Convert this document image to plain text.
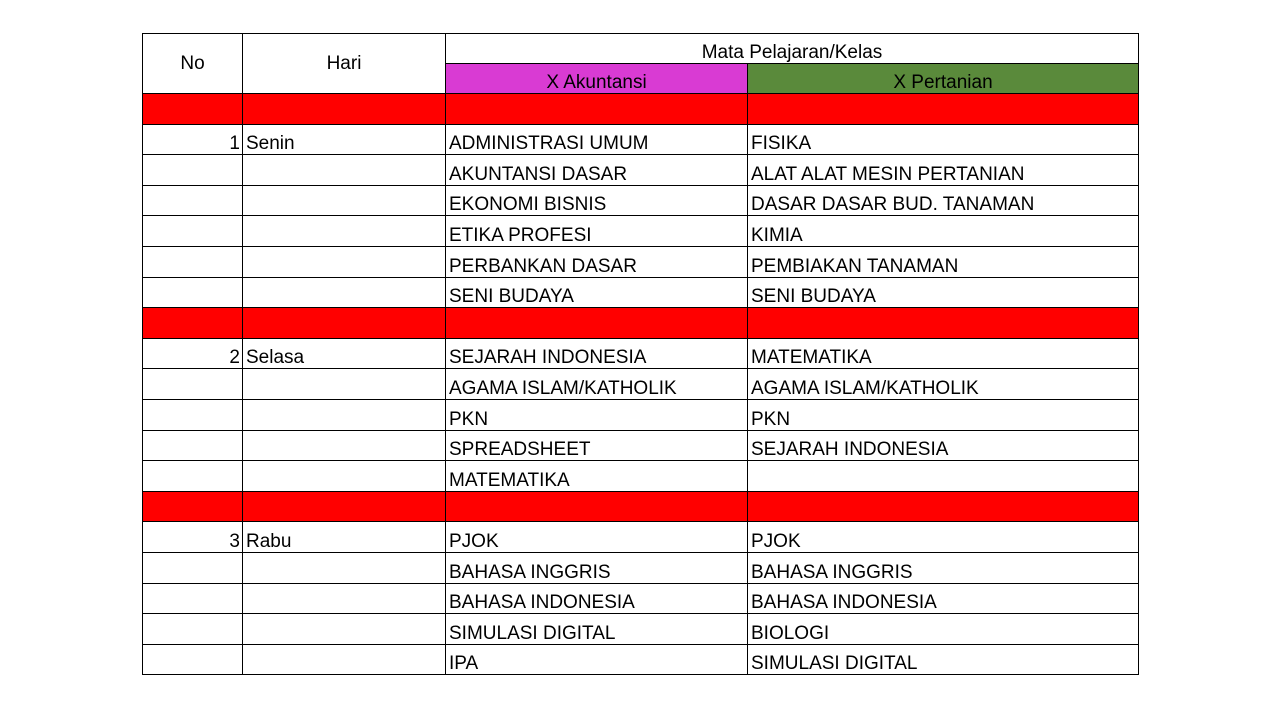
No	Hari	Mata Pelajaran/Kelas	
		X Akuntansi	X Pertanian

1	Senin	ADMINISTRASI UMUM	FISIKA
		AKUNTANSI DASAR	ALAT ALAT MESIN PERTANIAN
		EKONOMI BISNIS	DASAR DASAR BUD. TANAMAN
		ETIKA PROFESI	KIMIA
		PERBANKAN DASAR	PEMBIAKAN TANAMAN
		SENI BUDAYA	SENI BUDAYA

2	Selasa	SEJARAH INDONESIA	MATEMATIKA
		AGAMA ISLAM/KATHOLIK	AGAMA ISLAM/KATHOLIK
		PKN	PKN
		SPREADSHEET	SEJARAH INDONESIA
		MATEMATIKA	

3	Rabu	PJOK	PJOK
		BAHASA INGGRIS	BAHASA INGGRIS
		BAHASA INDONESIA	BAHASA INDONESIA
		SIMULASI DIGITAL	BIOLOGI
		IPA	SIMULASI DIGITAL
